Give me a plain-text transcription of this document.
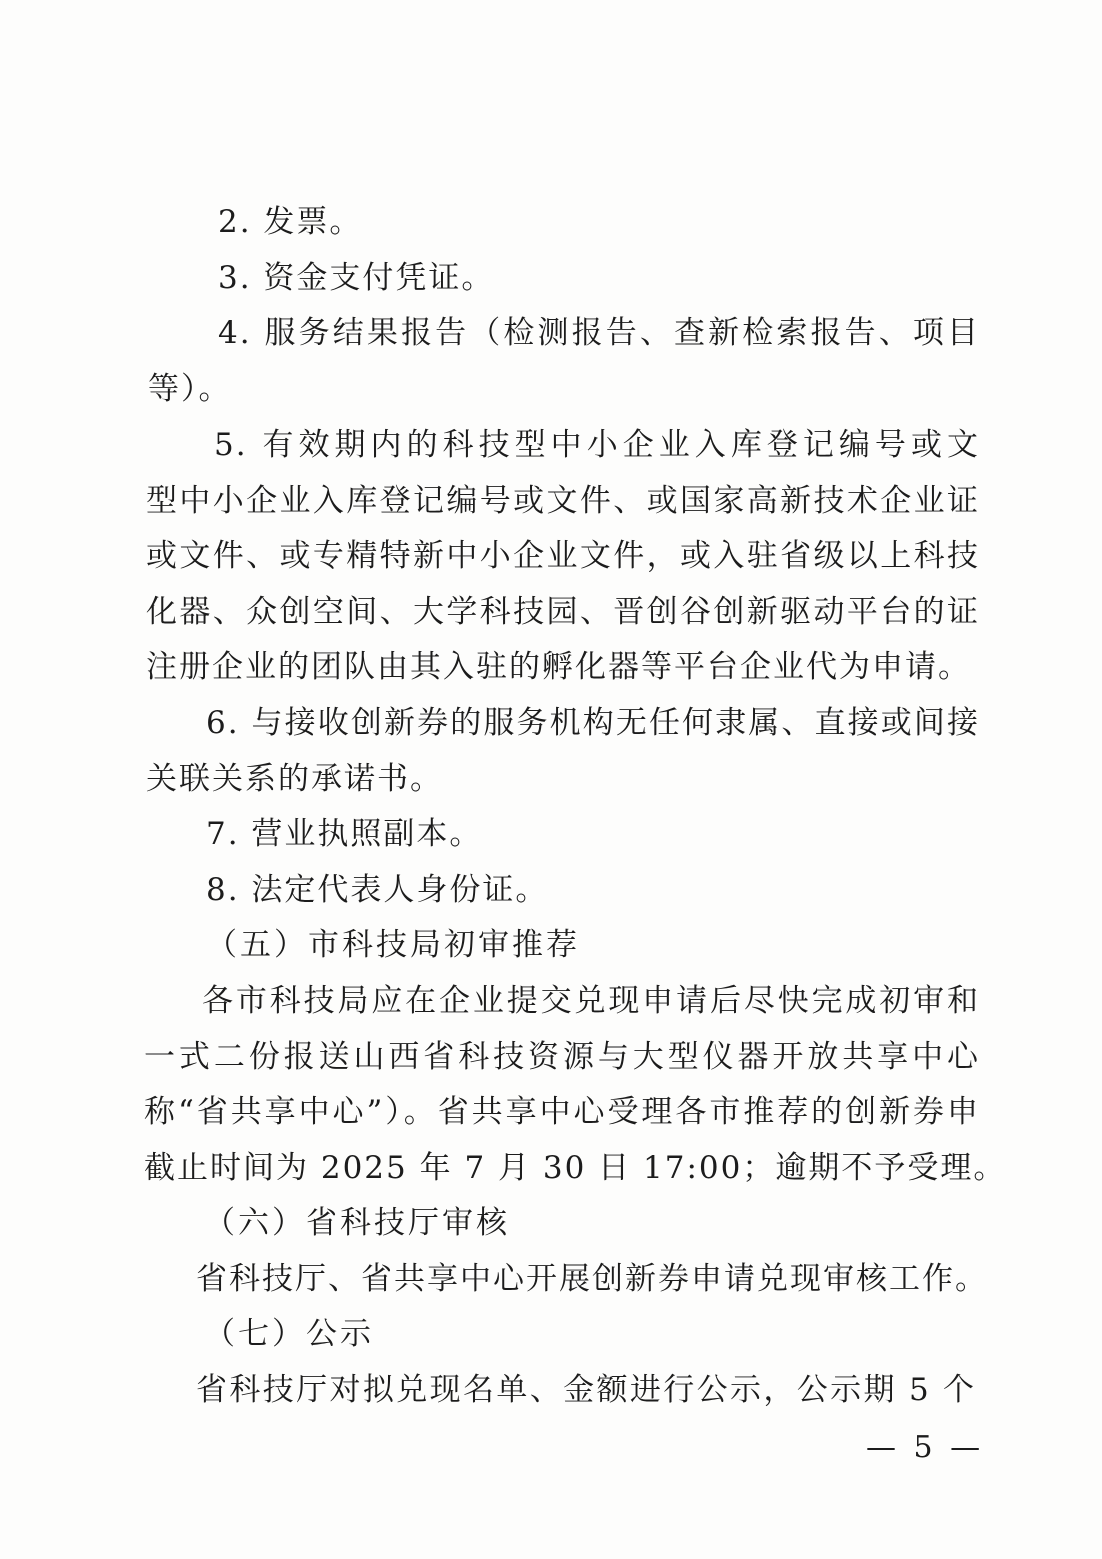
2. 发票。
3. 资金支付凭证。
4. 服务结果报告（检测报告、查新检索报告、项目
等）。
5. 有效期内的科技型中小企业入库登记编号或文
型中小企业入库登记编号或文件、或国家高新技术企业证
或文件、或专精特新中小企业文件，或入驻省级以上科技
化器、众创空间、大学科技园、晋创谷创新驱动平台的证
注册企业的团队由其入驻的孵化器等平台企业代为申请。
6. 与接收创新券的服务机构无任何隶属、直接或间接
关联关系的承诺书。
7. 营业执照副本。
8. 法定代表人身份证。
（五）市科技局初审推荐
各市科技局应在企业提交兑现申请后尽快完成初审和
一式二份报送山西省科技资源与大型仪器开放共享中心
称“省共享中心”）。省共享中心受理各市推荐的创新券申
截止时间为 2025 年 7 月 30 日 17:00；逾期不予受理。
（六）省科技厅审核
省科技厅、省共享中心开展创新券申请兑现审核工作。
（七）公示
省科技厅对拟兑现名单、金额进行公示，公示期 5 个
— 5 —
